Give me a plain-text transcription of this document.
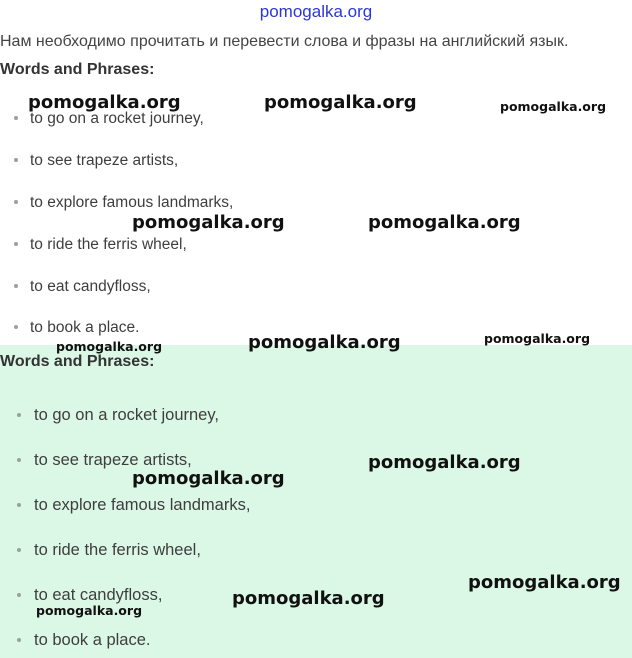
pomogalka.org
Нам необходимо прочитать и перевести слова и фразы на английский язык.
Words and Phrases:
to go on a rocket journey,
to see trapeze artists,
to explore famous landmarks,
to ride the ferris wheel,
to eat candyfloss,
to book a place.
Words and Phrases:
to go on a rocket journey,
to see trapeze artists,
to explore famous landmarks,
to ride the ferris wheel,
to eat candyfloss,
to book a place.
pomogalka.org	pomogalka.org	pomogalka.org
pomogalka.org	pomogalka.org
pomogalka.org	pomogalka.org	pomogalka.org
pomogalka.org
pomogalka.org
pomogalka.org
pomogalka.org
pomogalka.org
